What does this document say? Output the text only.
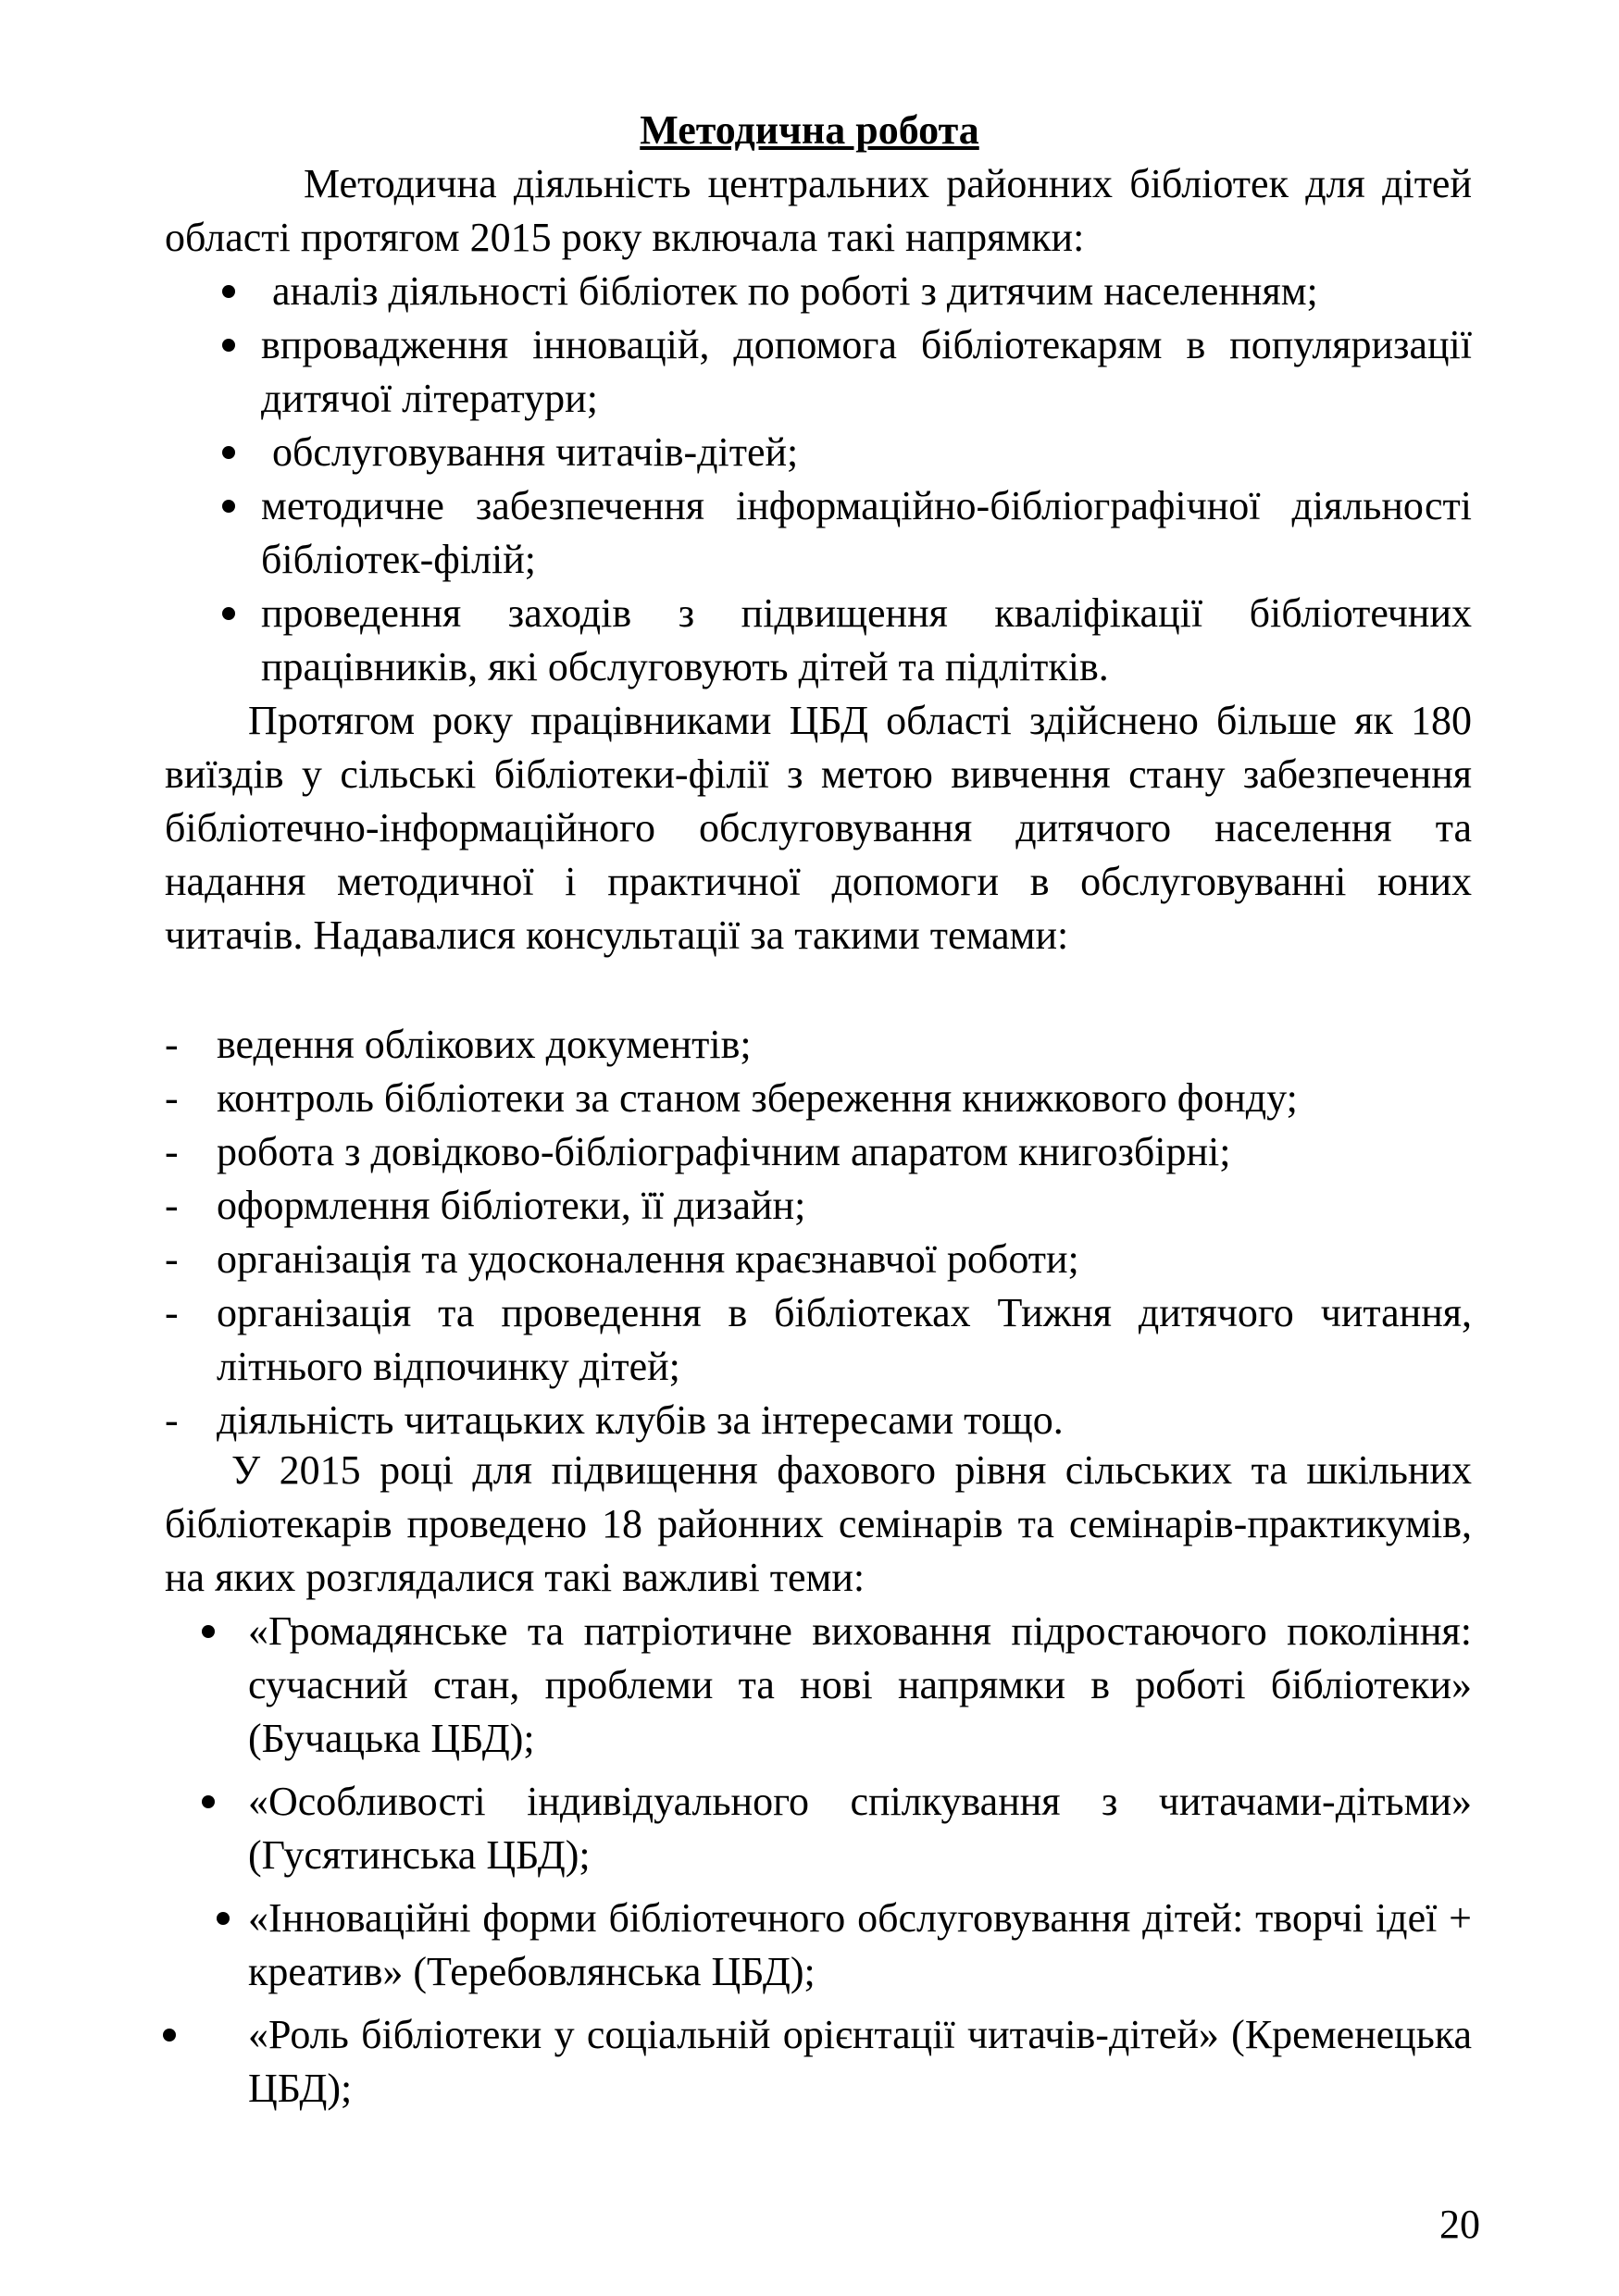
Методична робота

Методична діяльність центральних районних бібліотек для дітей області протягом 2015 року включала такі напрямки:

аналіз діяльності бібліотек по роботі з дитячим населенням;
впровадження інновацій, допомога бібліотекарям в популяризації дитячої літератури;
обслуговування читачів-дітей;
методичне забезпечення інформаційно-бібліографічної діяльності бібліотек-філій;
проведення заходів з підвищення кваліфікації бібліотечних працівників, які обслуговують дітей та підлітків.

Протягом року працівниками ЦБД області здійснено більше як 180 виїздів у сільські бібліотеки-філії з метою вивчення стану забезпечення бібліотечно-інформаційного обслуговування дитячого населення та надання методичної і практичної допомоги в обслуговуванні юних читачів. Надавалися консультації за такими темами:

- ведення облікових документів;
- контроль бібліотеки за станом збереження книжкового фонду;
- робота з довідково-бібліографічним апаратом книгозбірні;
- оформлення бібліотеки, її дизайн;
- організація та удосконалення краєзнавчої роботи;
- організація та проведення в бібліотеках Тижня дитячого читання, літнього відпочинку дітей;
- діяльність читацьких клубів за інтересами тощо.

У 2015 році для підвищення фахового рівня сільських та шкільних бібліотекарів проведено 18 районних семінарів та семінарів-практикумів, на яких розглядалися такі важливі теми:

«Громадянське та патріотичне виховання підростаючого покоління: сучасний стан, проблеми та нові напрямки в роботі бібліотеки» (Бучацька ЦБД);
«Особливості індивідуального спілкування з читачами-дітьми» (Гусятинська ЦБД);
«Інноваційні форми бібліотечного обслуговування дітей: творчі ідеї + креатив» (Теребовлянська ЦБД);
«Роль бібліотеки у соціальній орієнтації читачів-дітей» (Кременецька ЦБД);
20
